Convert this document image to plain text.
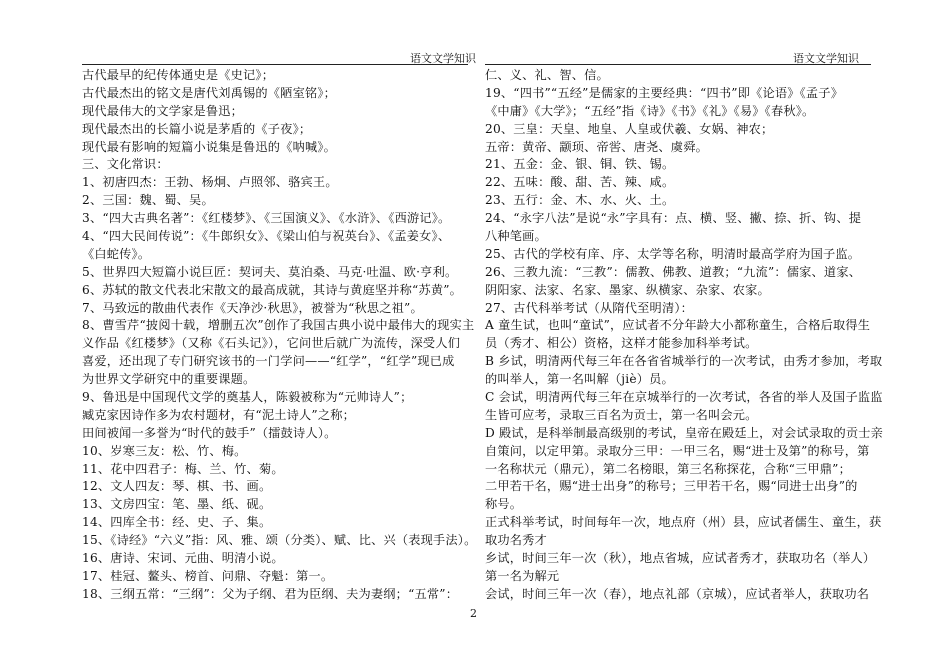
语文文学知识	语文文学知识
古代最早的纪传体通史是《史记》；
古代最杰出的铭文是唐代刘禹锡的《陋室铭》；
现代最伟大的文学家是鲁迅；
现代最杰出的长篇小说是茅盾的《子夜》；
现代最有影响的短篇小说集是鲁迅的《呐喊》。
三、文化常识：
1、初唐四杰：王勃、杨炯、卢照邻、骆宾王。
2、三国：魏、蜀、吴。
3、“四大古典名著”：《红楼梦》、《三国演义》、《水浒》、《西游记》。
4、“四大民间传说”：《牛郎织女》、《梁山伯与祝英台》、《孟姜女》、
《白蛇传》。
5、世界四大短篇小说巨匠：契诃夫、莫泊桑、马克·吐温、欧·亨利。
6、苏轼的散文代表北宋散文的最高成就，其诗与黄庭坚并称“苏黄”。
7、马致远的散曲代表作《天净沙·秋思》，被誉为“秋思之祖”。
8、曹雪芹“披阅十载，增删五次”创作了我国古典小说中最伟大的现实主
义作品《红楼梦》（又称《石头记》），它问世后就广为流传，深受人们
喜爱，还出现了专门研究该书的一门学问——“红学”，“红学”现已成
为世界文学研究中的重要课题。
9、鲁迅是中国现代文学的奠基人，陈毅被称为“元帅诗人”；
臧克家因诗作多为农村题材，有“泥土诗人”之称；
田间被闻一多誉为“时代的鼓手”（擂鼓诗人）。
10、岁寒三友：松、竹、梅。
11、花中四君子：梅、兰、竹、菊。
12、文人四友：琴、棋、书、画。
13、文房四宝：笔、墨、纸、砚。
14、四库全书：经、史、子、集。
15、《诗经》“六义”指：风、雅、颂（分类）、赋、比、兴（表现手法）。
16、唐诗、宋词、元曲、明清小说。
17、桂冠、鳌头、榜首、问鼎、夺魁：第一。
18、三纲五常：“三纲”：父为子纲、君为臣纲、夫为妻纲；“五常”：
仁、义、礼、智、信。
19、“四书”“五经”是儒家的主要经典：“四书”即《论语》《孟子》
《中庸》《大学》；“五经”指《诗》《书》《礼》《易》《春秋》。
20、三皇：天皇、地皇、人皇或伏羲、女娲、神农；
五帝：黄帝、颛顼、帝喾、唐尧、虞舜。
21、五金：金、银、铜、铁、锡。
22、五味：酸、甜、苦、辣、咸。
23、五行：金、木、水、火、土。
24、“永字八法”是说“永”字具有：点、横、竖、撇、捺、折、钩、提
八种笔画。
25、古代的学校有庠、序、太学等名称，明清时最高学府为国子监。
26、三教九流：“三教”：儒教、佛教、道教；“九流”：儒家、道家、
阴阳家、法家、名家、墨家、纵横家、杂家、农家。
27、古代科举考试（从隋代至明清）：
A 童生试，也叫“童试”，应试者不分年龄大小都称童生，合格后取得生
员（秀才、相公）资格，这样才能参加科举考试。
B 乡试，明清两代每三年在各省省城举行的一次考试，由秀才参加，考取
的叫举人，第一名叫解（jiè）员。
C 会试，明清两代每三年在京城举行的一次考试，各省的举人及国子监监
生皆可应考，录取三百名为贡士，第一名叫会元。
D 殿试，是科举制最高级别的考试，皇帝在殿廷上，对会试录取的贡士亲
自策问，以定甲第。录取分三甲：一甲三名，赐“进士及第”的称号，第
一名称状元（鼎元），第二名榜眼，第三名称探花，合称“三甲鼎”；
二甲若干名，赐“进士出身”的称号；三甲若干名，赐“同进士出身”的
称号。
正式科举考试，时间每年一次，地点府（州）县，应试者儒生、童生，获
取功名秀才
乡试，时间三年一次（秋），地点省城，应试者秀才，获取功名（举人）
第一名为解元
会试，时间三年一次（春），地点礼部（京城），应试者举人，获取功名
2
